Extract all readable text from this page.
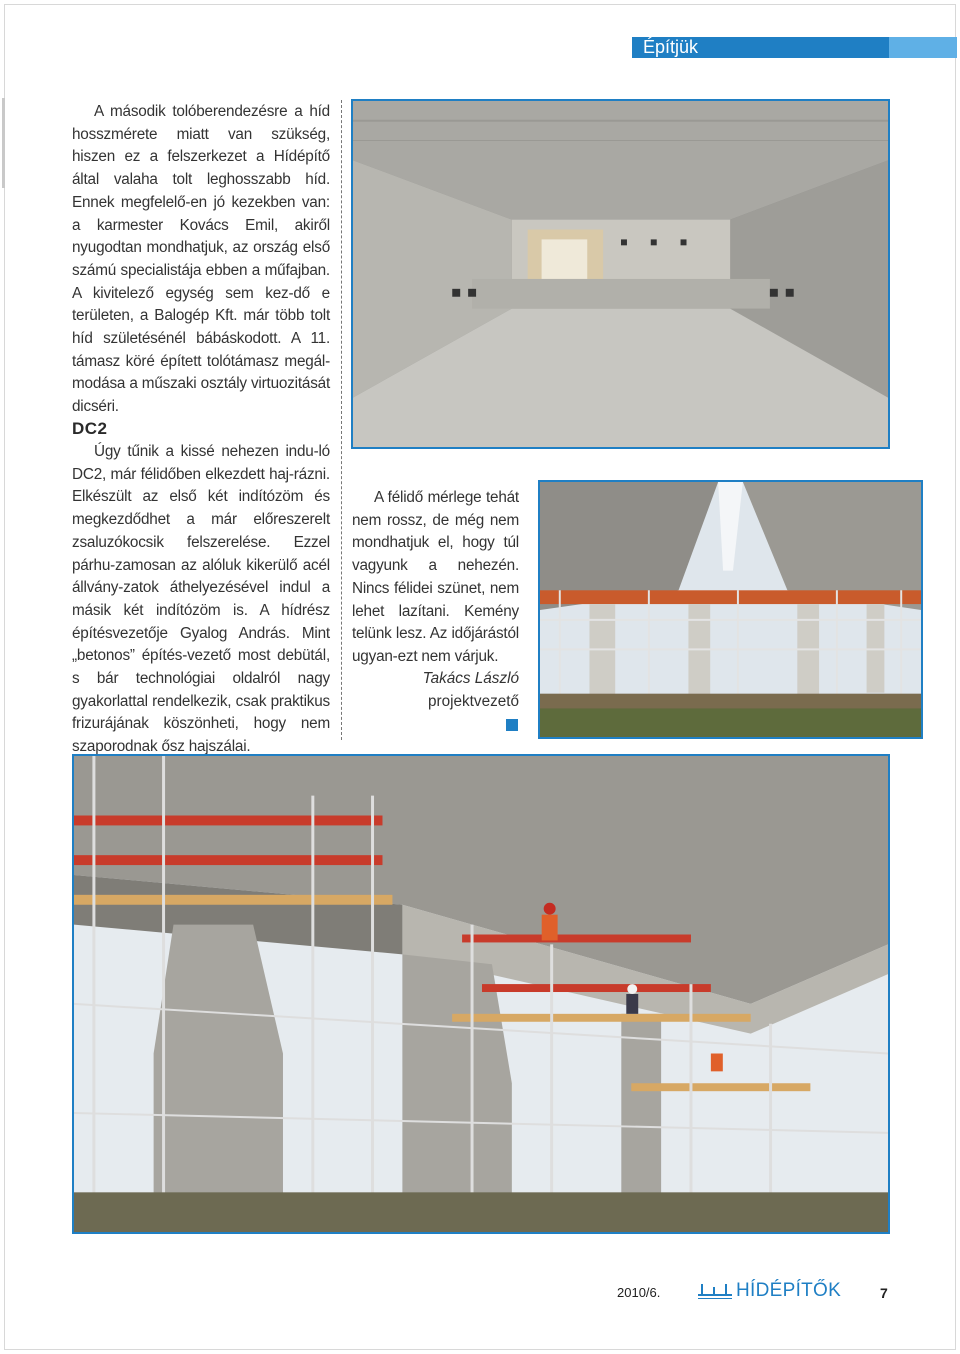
Építjük

A második tolóberendezésre a híd hosszmérete miatt van szükség, hiszen ez a felszerkezet a Hídépítő által valaha tolt leghosszabb híd. Ennek megfelelő-en jó kezekben van: a karmester Kovács Emil, akiről nyugodtan mondhatjuk, az ország első számú specialistája ebben a műfajban. A kivitelező egység sem kez-dő e területen, a Balogép Kft. már több tolt híd születésénél bábáskodott. A 11. támasz köré épített tolótámasz megál-modása a műszaki osztály virtuozitását dicséri.

DC2

Úgy tűnik a kissé nehezen indu-ló DC2, már félidőben elkezdett haj-rázni. Elkészült az első két indítózöm és megkezdődhet a már előreszerelt zsaluzókocsik felszerelése. Ezzel párhu-zamosan az alóluk kikerülő acél állvány-zatok áthelyezésével indul a másik két indítózöm is. A hídrész építésvezetője Gyalog András. Mint „betonos” építés-vezető most debütál, s bár technológiai oldalról nagy gyakorlattal rendelkezik, csak praktikus frizurájának köszönheti, hogy nem szaporodnak ősz hajszálai.

A félidő mérlege tehát nem rossz, de még nem mondhatjuk el, hogy túl vagyunk a nehezén. Nincs félidei szünet, nem lehet lazítani. Kemény telünk lesz. Az időjárástól ugyan-ezt nem várjuk.

Takács László
projektvezető
2010/6.	HÍDÉPÍTŐK	7
